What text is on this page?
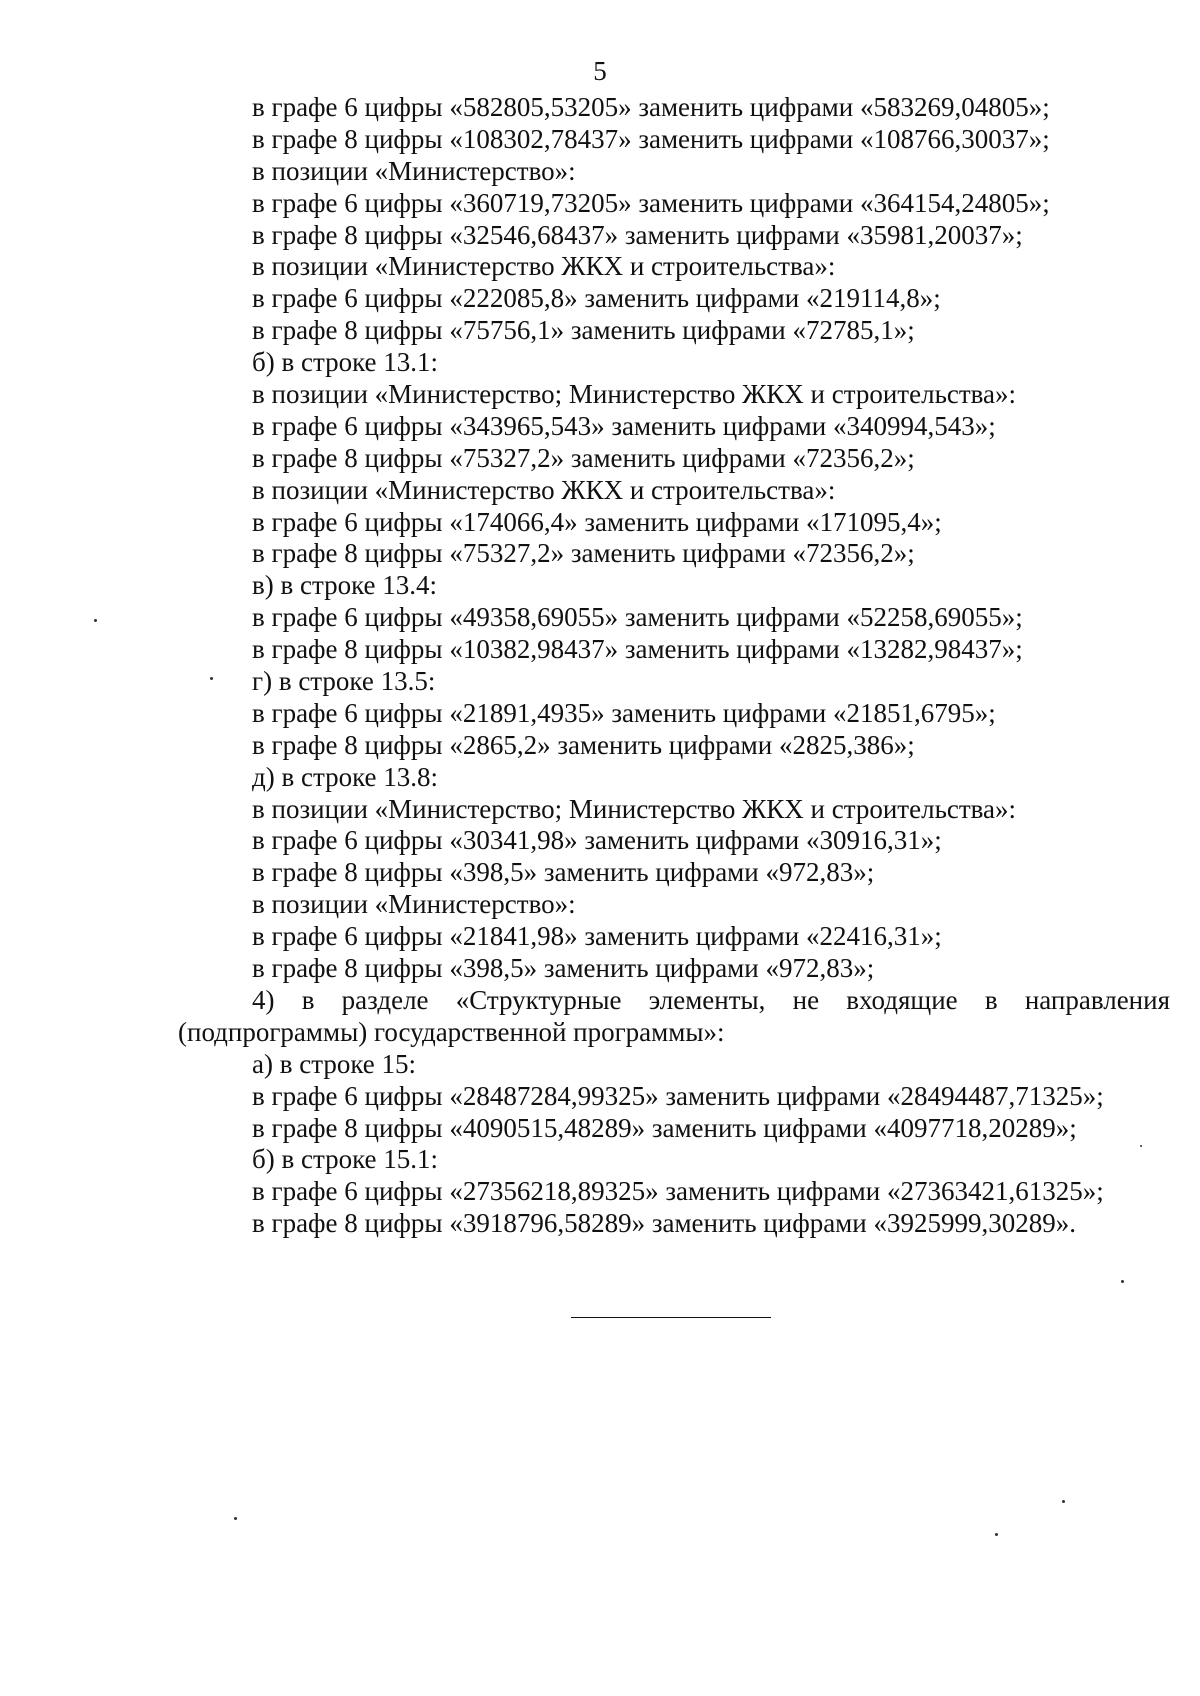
5
в графе 6 цифры «582805,53205» заменить цифрами «583269,04805»;
в графе 8 цифры «108302,78437» заменить цифрами «108766,30037»;
в позиции «Министерство»:
в графе 6 цифры «360719,73205» заменить цифрами «364154,24805»;
в графе 8 цифры «32546,68437» заменить цифрами «35981,20037»;
в позиции «Министерство ЖКХ и строительства»:
в графе 6 цифры «222085,8» заменить цифрами «219114,8»;
в графе 8 цифры «75756,1» заменить цифрами «72785,1»;
б) в строке 13.1:
в позиции «Министерство; Министерство ЖКХ и строительства»:
в графе 6 цифры «343965,543» заменить цифрами «340994,543»;
в графе 8 цифры «75327,2» заменить цифрами «72356,2»;
в позиции «Министерство ЖКХ и строительства»:
в графе 6 цифры «174066,4» заменить цифрами «171095,4»;
в графе 8 цифры «75327,2» заменить цифрами «72356,2»;
в) в строке 13.4:
в графе 6 цифры «49358,69055» заменить цифрами «52258,69055»;
в графе 8 цифры «10382,98437» заменить цифрами «13282,98437»;
г) в строке 13.5:
в графе 6 цифры «21891,4935» заменить цифрами «21851,6795»;
в графе 8 цифры «2865,2» заменить цифрами «2825,386»;
д) в строке 13.8:
в позиции «Министерство; Министерство ЖКХ и строительства»:
в графе 6 цифры «30341,98» заменить цифрами «30916,31»;
в графе 8 цифры «398,5» заменить цифрами «972,83»;
в позиции «Министерство»:
в графе 6 цифры «21841,98» заменить цифрами «22416,31»;
в графе 8 цифры «398,5» заменить цифрами «972,83»;
4) в разделе «Структурные элементы, не входящие в направления
(подпрограммы) государственной программы»:
а) в строке 15:
в графе 6 цифры «28487284,99325» заменить цифрами «28494487,71325»;
в графе 8 цифры «4090515,48289» заменить цифрами «4097718,20289»;
б) в строке 15.1:
в графе 6 цифры «27356218,89325» заменить цифрами «27363421,61325»;
в графе 8 цифры «3918796,58289» заменить цифрами «3925999,30289».
